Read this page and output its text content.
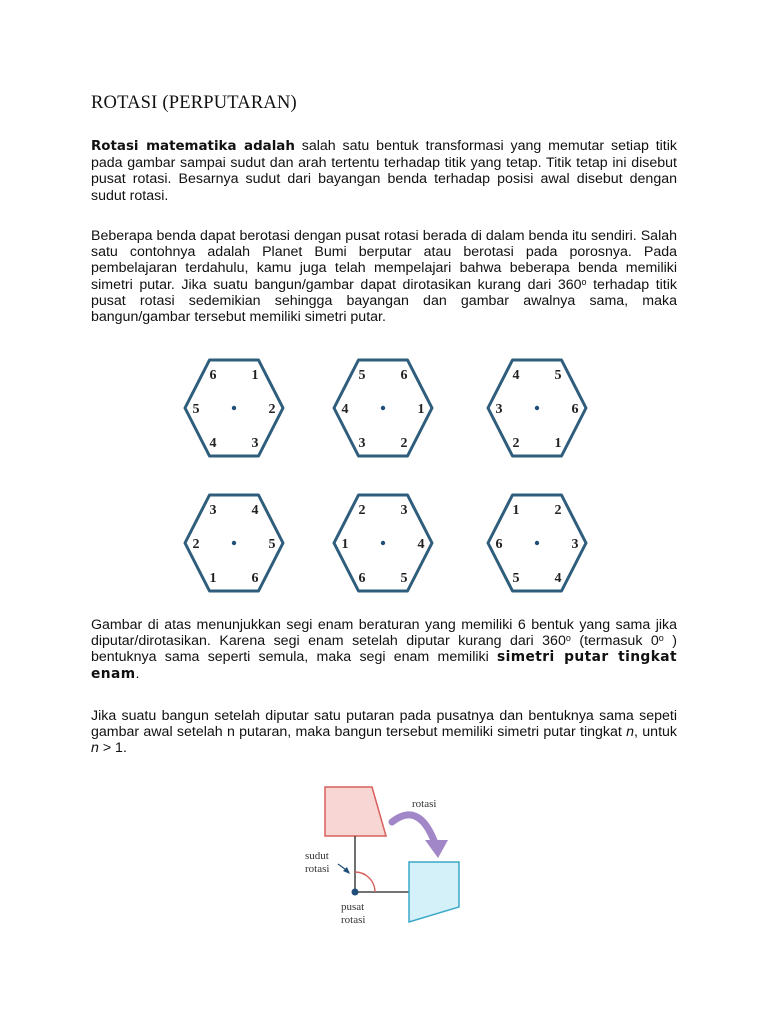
ROTASI (PERPUTARAN)

Rotasi matematika adalah salah satu bentuk transformasi yang memutar setiap titik pada gambar sampai sudut dan arah tertentu terhadap titik yang tetap. Titik tetap ini disebut pusat rotasi. Besarnya sudut dari bayangan benda terhadap posisi awal disebut dengan sudut rotasi.

Beberapa benda dapat berotasi dengan pusat rotasi berada di dalam benda itu sendiri. Salah satu contohnya adalah Planet Bumi berputar atau berotasi pada porosnya. Pada pembelajaran terdahulu, kamu juga telah mempelajari bahwa beberapa benda memiliki simetri putar. Jika suatu bangun/gambar dapat dirotasikan kurang dari 360$^o$ terhadap titik pusat rotasi sedemikian sehingga bayangan dan gambar awalnya sama, maka bangun/gambar tersebut memiliki simetri putar.

6	1
5	2
4	3
5	6
4	1
3	2
4	5
3	6
2	1
3	4
2	5
1	6
2	3
1	4
6	5
1	2
6	3
5	4

Gambar di atas menunjukkan segi enam beraturan yang memiliki 6 bentuk yang sama jika diputar/dirotasikan. Karena segi enam setelah diputar kurang dari 360$^o$ (termasuk 0$^o$ ) bentuknya sama seperti semula, maka segi enam memiliki simetri putar tingkat enam.

Jika suatu bangun setelah diputar satu putaran pada pusatnya dan bentuknya sama sepeti gambar awal setelah n putaran, maka bangun tersebut memiliki simetri putar tingkat n, untuk n > 1.

rotasi
sudut
rotasi
pusat
rotasi
